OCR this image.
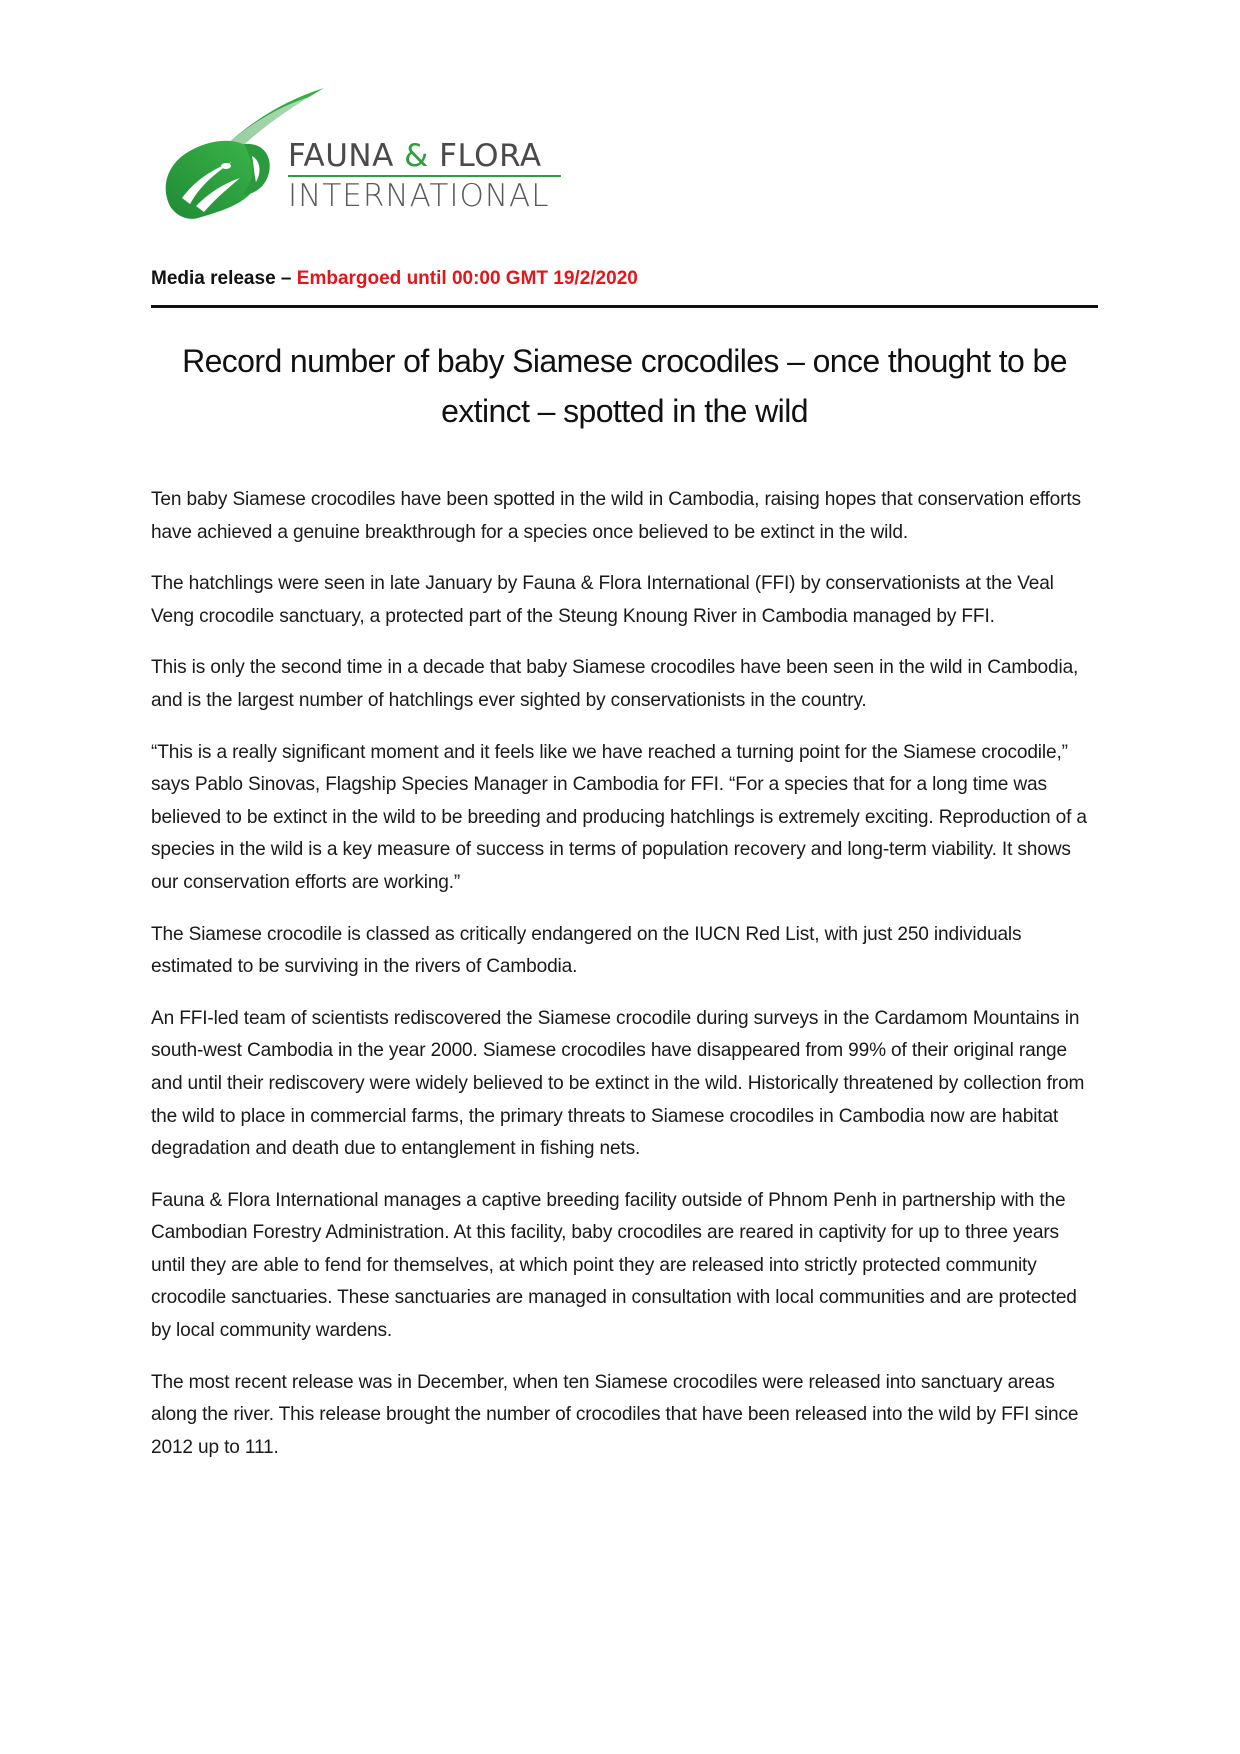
FAUNA & FLORA
INTERNATIONAL
Media release – Embargoed until 00:00 GMT 19/2/2020
Record number of baby Siamese crocodiles – once thought to be extinct – spotted in the wild

Ten baby Siamese crocodiles have been spotted in the wild in Cambodia, raising hopes that conservation efforts have achieved a genuine breakthrough for a species once believed to be extinct in the wild.

The hatchlings were seen in late January by Fauna & Flora International (FFI) by conservationists at the Veal Veng crocodile sanctuary, a protected part of the Steung Knoung River in Cambodia managed by FFI.

This is only the second time in a decade that baby Siamese crocodiles have been seen in the wild in Cambodia, and is the largest number of hatchlings ever sighted by conservationists in the country.

“This is a really significant moment and it feels like we have reached a turning point for the Siamese crocodile,” says Pablo Sinovas, Flagship Species Manager in Cambodia for FFI. “For a species that for a long time was believed to be extinct in the wild to be breeding and producing hatchlings is extremely exciting. Reproduction of a species in the wild is a key measure of success in terms of population recovery and long-term viability. It shows our conservation efforts are working.”

The Siamese crocodile is classed as critically endangered on the IUCN Red List, with just 250 individuals estimated to be surviving in the rivers of Cambodia.

An FFI-led team of scientists rediscovered the Siamese crocodile during surveys in the Cardamom Mountains in south-west Cambodia in the year 2000. Siamese crocodiles have disappeared from 99% of their original range and until their rediscovery were widely believed to be extinct in the wild. Historically threatened by collection from the wild to place in commercial farms, the primary threats to Siamese crocodiles in Cambodia now are habitat degradation and death due to entanglement in fishing nets.

Fauna & Flora International manages a captive breeding facility outside of Phnom Penh in partnership with the Cambodian Forestry Administration. At this facility, baby crocodiles are reared in captivity for up to three years until they are able to fend for themselves, at which point they are released into strictly protected community crocodile sanctuaries. These sanctuaries are managed in consultation with local communities and are protected by local community wardens.

The most recent release was in December, when ten Siamese crocodiles were released into sanctuary areas along the river. This release brought the number of crocodiles that have been released into the wild by FFI since 2012 up to 111.
